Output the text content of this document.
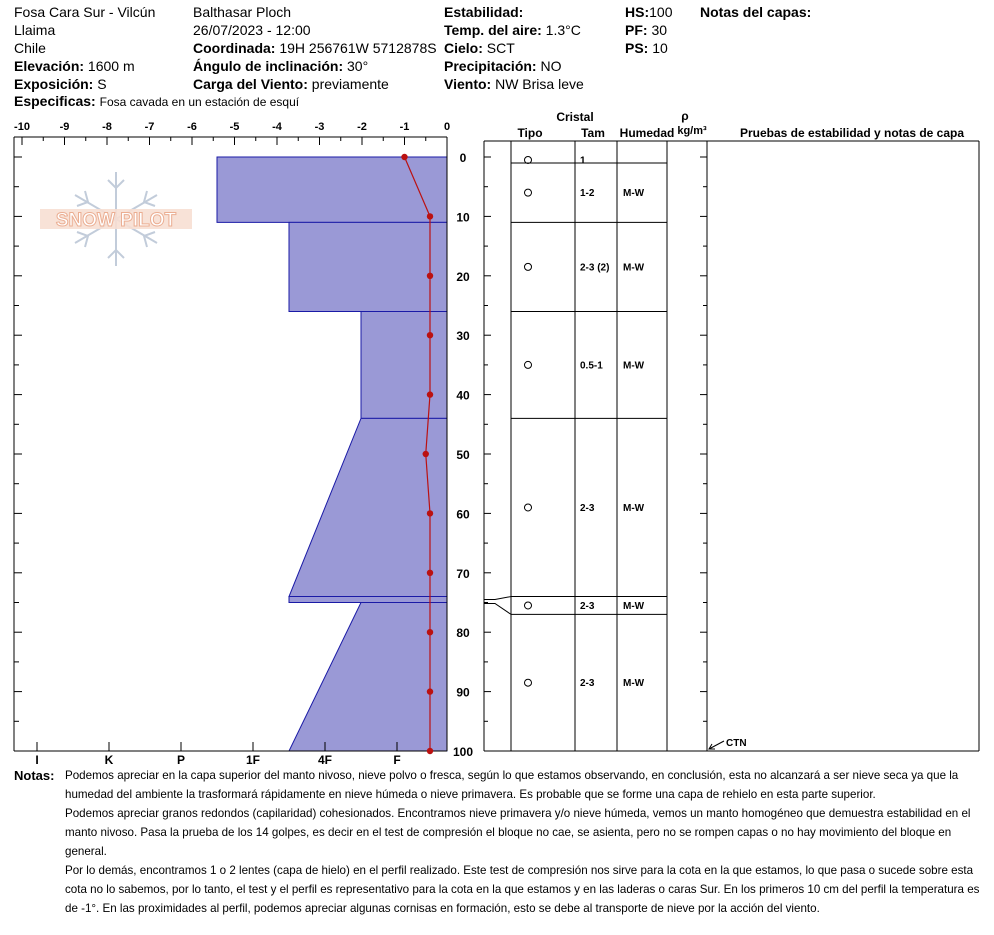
Fosa Cara Sur - Vilcún
Llaima
Chile
Elevación: 1600 m
Exposición: S
Balthasar Ploch
26/07/2023 - 12:00
Coordinada: 19H 256761W 5712878S
Ángulo de inclinación: 30°
Carga del Viento: previamente
Estabilidad:
Temp. del aire: 1.3°C
Cielo: SCT
Precipitación: NO
Viento: NW Brisa leve
HS:100
PF: 30
PS: 10
Notas del capas:
Especificas: Fosa cavada en un estación de esquí
SNOW PILOT
-10	-9	-8	-7	-6	-5	-4	-3	-2	-1	0
I	K	P	1F	4F	F
0
10
20
30
40
50
60
70
80
90
100
Cristal
Tipo	Tam Humedad
ρ
kg/m³	Pruebas de estabilidad y notas de capa
1
1-2	M-W
2-3 (2) M-W
0.5-1 M-W
2-3	M-W
2-3	M-W
2-3	M-W
CTN
Notas: Podemos apreciar en la capa superior del manto nivoso, nieve polvo o fresca, según lo que estamos observando, en conclusión, esta no alcanzará a ser nieve seca ya que la humedad del ambiente la trasformará rápidamente en nieve húmeda o nieve primavera. Es probable que se forme una capa de rehielo en esta parte superior.

Podemos apreciar granos redondos (capilaridad) cohesionados. Encontramos nieve primavera y/o nieve húmeda, vemos un manto homogéneo que demuestra estabilidad en el manto nivoso. Pasa la prueba de los 14 golpes, es decir en el test de compresión el bloque no cae, se asienta, pero no se rompen capas o no hay movimiento del bloque en general.

Por lo demás, encontramos 1 o 2 lentes (capa de hielo) en el perfil realizado. Este test de compresión nos sirve para la cota en la que estamos, lo que pasa o sucede sobre esta cota no lo sabemos, por lo tanto, el test y el perfil es representativo para la cota en la que estamos y en las laderas o caras Sur. En los primeros 10 cm del perfil la temperatura es de -1°. En las proximidades al perfil, podemos apreciar algunas cornisas en formación, esto se debe al transporte de nieve por la acción del viento.
